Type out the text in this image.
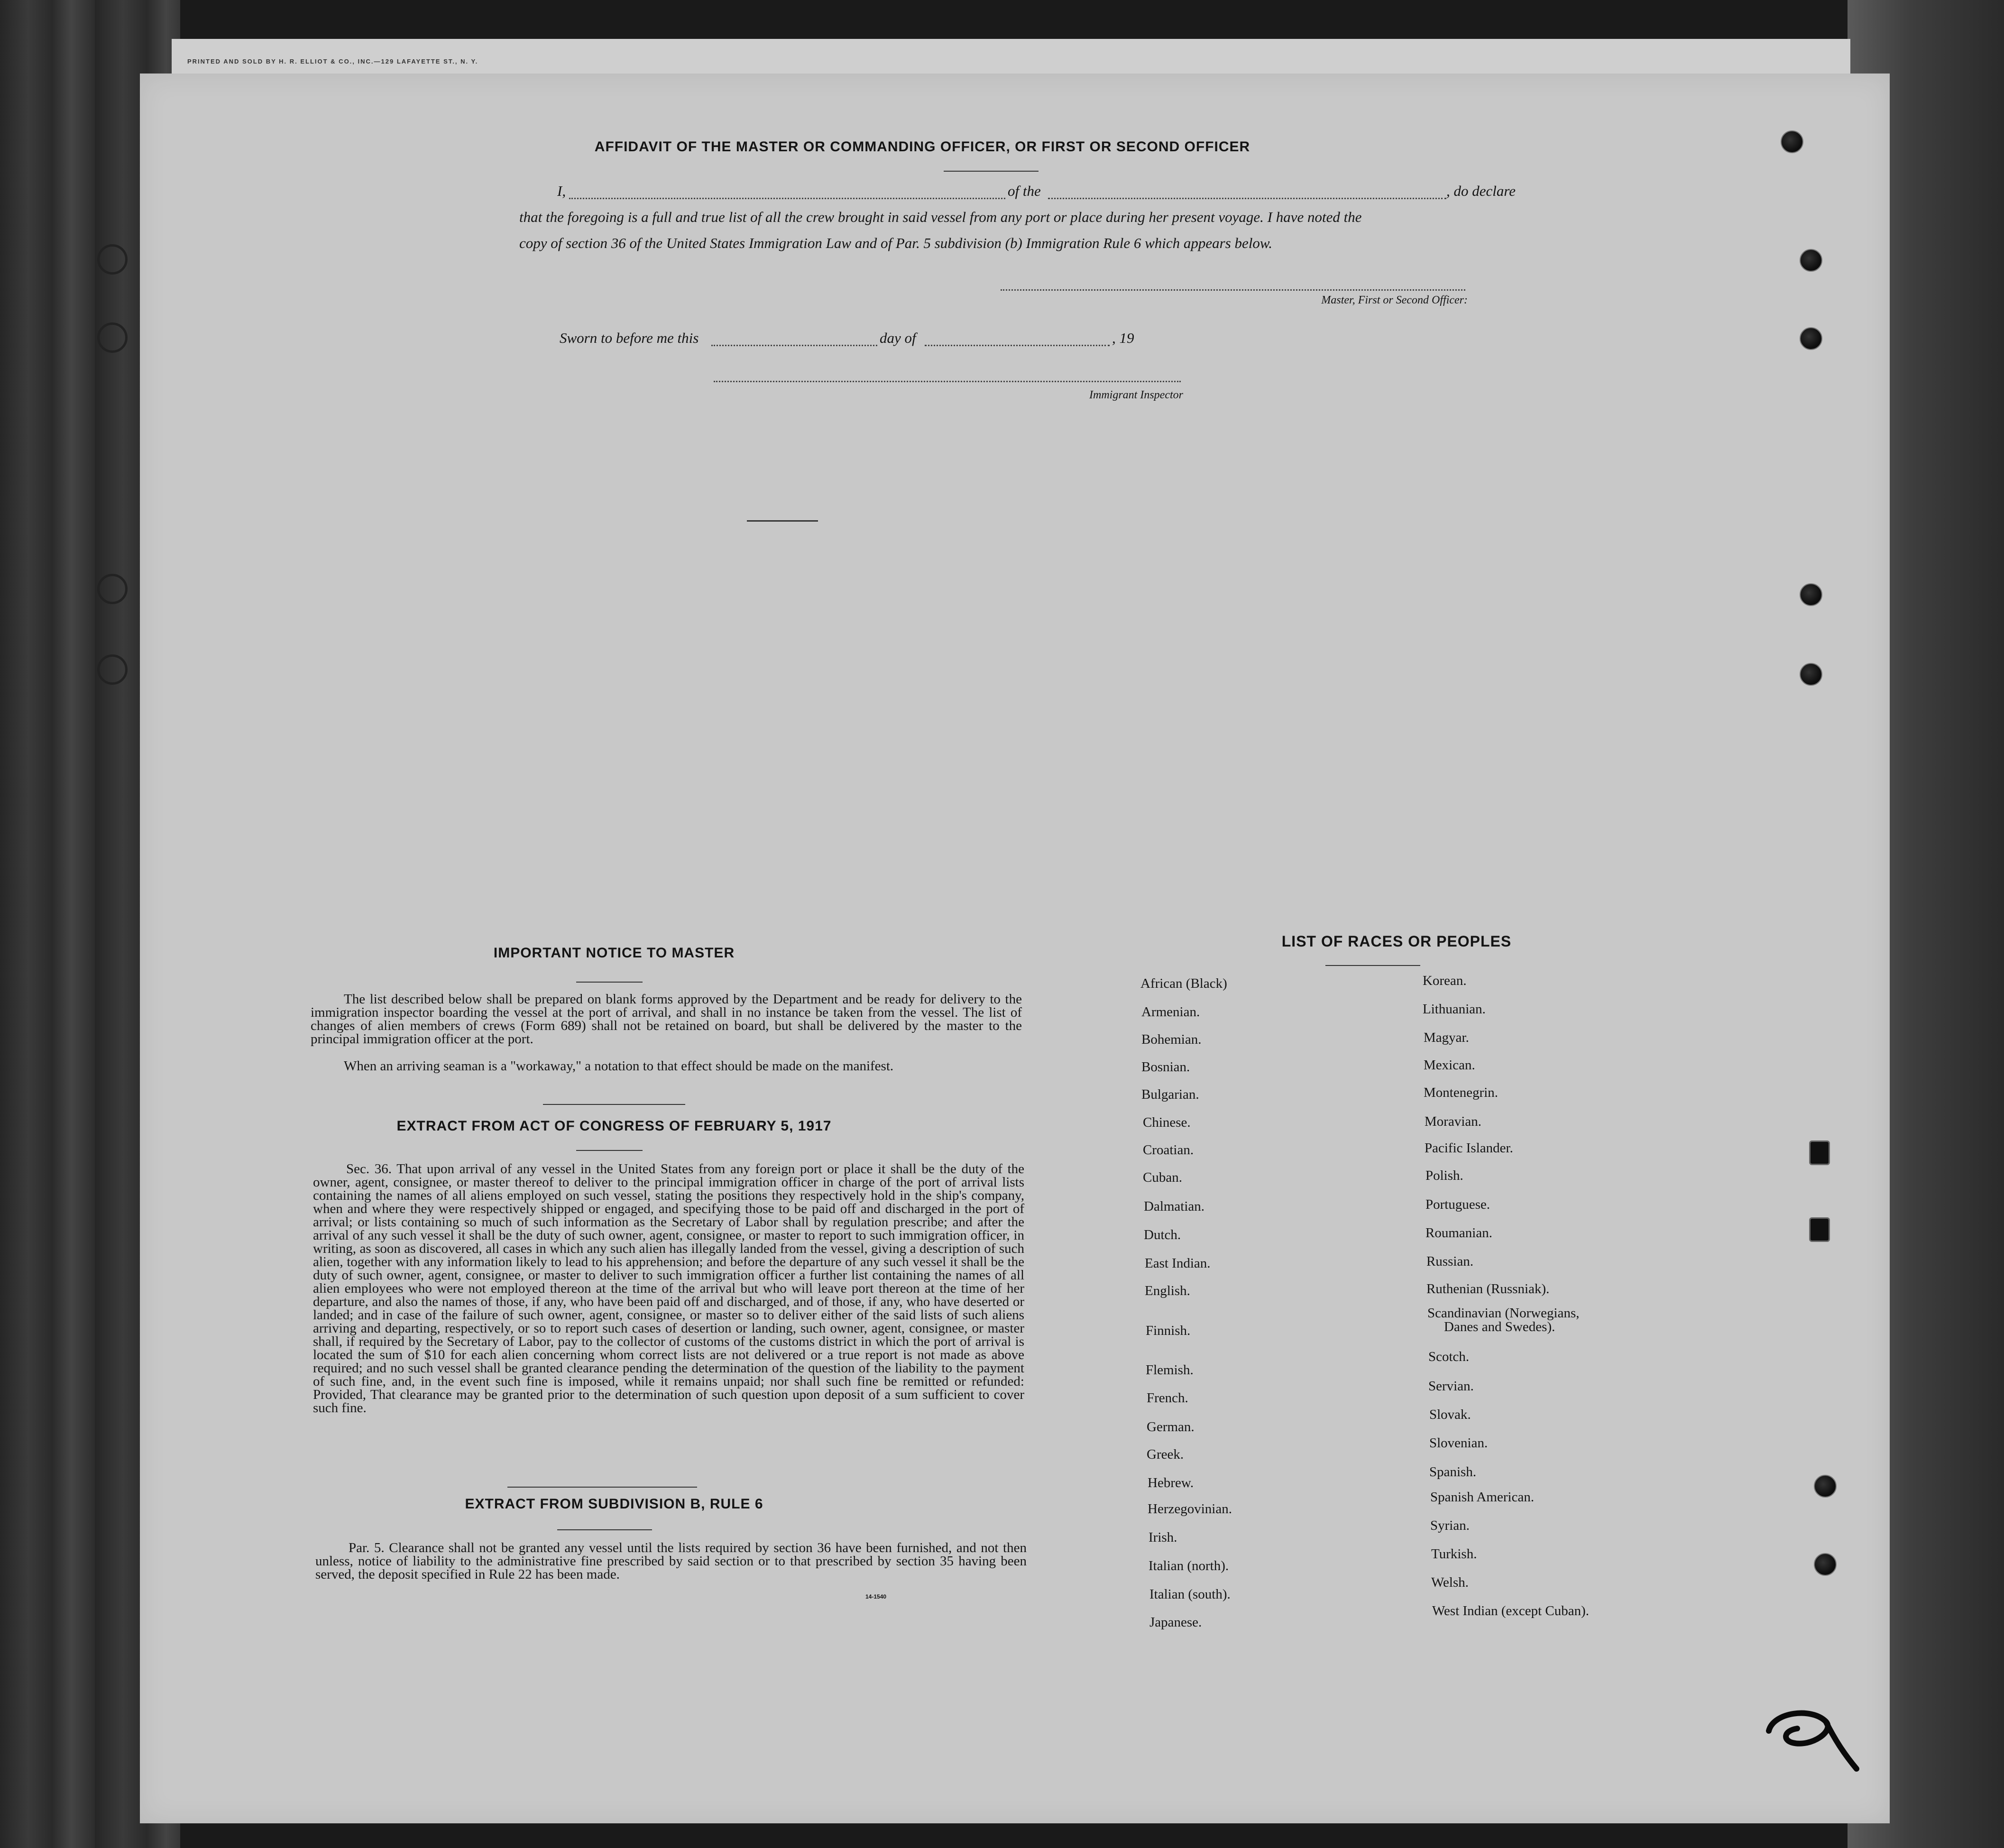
PRINTED AND SOLD BY H. R. ELLIOT & CO., INC.—129 LAFAYETTE ST., N. Y.
AFFIDAVIT OF THE MASTER OR COMMANDING OFFICER, OR FIRST OR SECOND OFFICER
I,	of the	, do declare
that the foregoing is a full and true list of all the crew brought in said vessel from any port or place during her present voyage. I have noted the
copy of section 36 of the United States Immigration Law and of Par. 5 subdivision (b) Immigration Rule 6 which appears below.
Master, First or Second Officer:
Sworn to before me this	day of	, 19
Immigrant Inspector
IMPORTANT NOTICE TO MASTER
The list described below shall be prepared on blank forms approved by the Department and be ready for delivery to the immigration inspector boarding the vessel at the port of arrival, and shall in no instance be taken from the vessel. The list of changes of alien members of crews (Form 689) shall not be retained on board, but shall be delivered by the master to the principal immigration officer at the port.
When an arriving seaman is a "workaway," a notation to that effect should be made on the manifest.
EXTRACT FROM ACT OF CONGRESS OF FEBRUARY 5, 1917
Sec. 36. That upon arrival of any vessel in the United States from any foreign port or place it shall be the duty of the owner, agent, consignee, or master thereof to deliver to the principal immigration officer in charge of the port of arrival lists containing the names of all aliens employed on such vessel, stating the positions they respectively hold in the ship's company, when and where they were respectively shipped or engaged, and specifying those to be paid off and discharged in the port of arrival; or lists containing so much of such information as the Secretary of Labor shall by regulation prescribe; and after the arrival of any such vessel it shall be the duty of such owner, agent, consignee, or master to report to such immigration officer, in writing, as soon as discovered, all cases in which any such alien has illegally landed from the vessel, giving a description of such alien, together with any information likely to lead to his apprehension; and before the departure of any such vessel it shall be the duty of such owner, agent, consignee, or master to deliver to such immigration officer a further list containing the names of all alien employees who were not employed thereon at the time of the arrival but who will leave port thereon at the time of her departure, and also the names of those, if any, who have been paid off and discharged, and of those, if any, who have deserted or landed; and in case of the failure of such owner, agent, consignee, or master so to deliver either of the said lists of such aliens arriving and departing, respectively, or so to report such cases of desertion or landing, such owner, agent, consignee, or master shall, if required by the Secretary of Labor, pay to the collector of customs of the customs district in which the port of arrival is located the sum of $10 for each alien concerning whom correct lists are not delivered or a true report is not made as above required; and no such vessel shall be granted clearance pending the determination of the question of the liability to the payment of such fine, and, in the event such fine is imposed, while it remains unpaid; nor shall such fine be remitted or refunded: Provided, That clearance may be granted prior to the determination of such question upon deposit of a sum sufficient to cover such fine.
EXTRACT FROM SUBDIVISION B, RULE 6
Par. 5. Clearance shall not be granted any vessel until the lists required by section 36 have been furnished, and not then unless, notice of liability to the administrative fine prescribed by said section or to that prescribed by section 35 having been served, the deposit specified in Rule 22 has been made.
14-1540
LIST OF RACES OR PEOPLES
African (Black)
Armenian.
Bohemian.
Bosnian.
Bulgarian.
Chinese.
Croatian.
Cuban.
Dalmatian.
Dutch.
East Indian.
English.
Finnish.
Flemish.
French.
German.
Greek.
Hebrew.
Herzegovinian.
Irish.
Italian (north).
Italian (south).
Japanese.
Korean.
Lithuanian.
Magyar.
Mexican.
Montenegrin.
Moravian.
Pacific Islander.
Polish.
Portuguese.
Roumanian.
Russian.
Ruthenian (Russniak).
Scandinavian (Norwegians,
Danes and Swedes).
Scotch.
Servian.
Slovak.
Slovenian.
Spanish.
Spanish American.
Syrian.
Turkish.
Welsh.
West Indian (except Cuban).
